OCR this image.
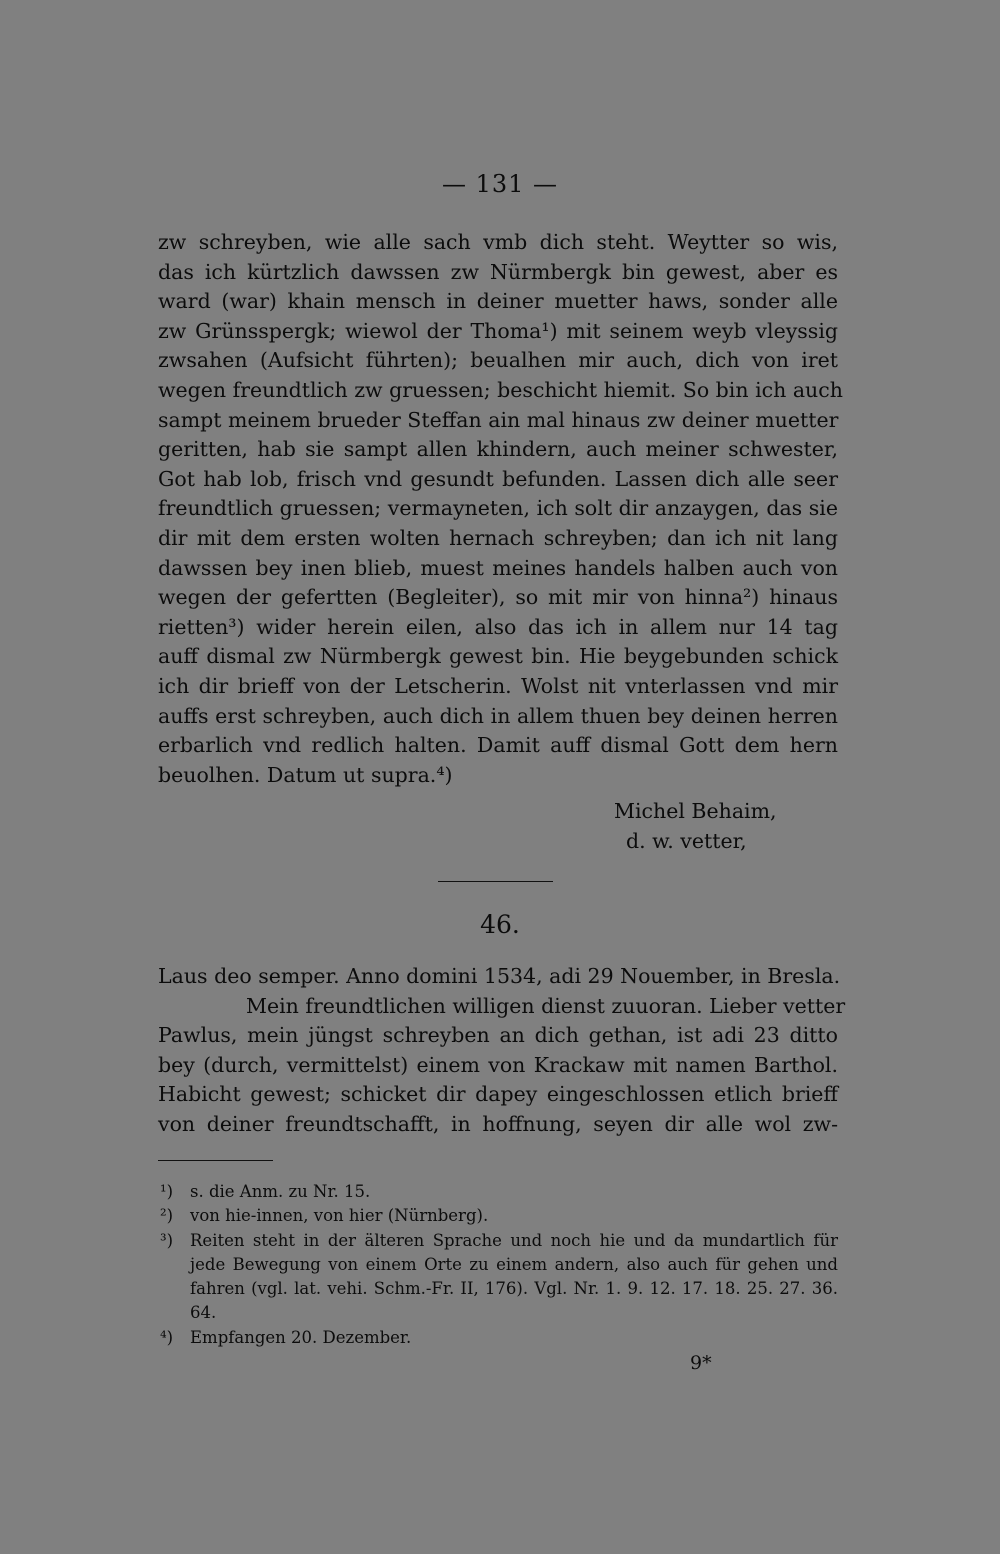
— 131 —
zw schreyben, wie alle sach vmb dich steht. Weytter so wis,
das ich kürtzlich dawssen zw Nürmbergk bin gewest, aber es
ward (war) khain mensch in deiner muetter haws, sonder alle
zw Grünsspergk; wiewol der Thoma¹) mit seinem weyb vleyssig
zwsahen (Aufsicht führten); beualhen mir auch, dich von iret
wegen freundtlich zw gruessen; beschicht hiemit. So bin ich auch
sampt meinem brueder Steffan ain mal hinaus zw deiner muetter
geritten, hab sie sampt allen khindern, auch meiner schwester,
Got hab lob, frisch vnd gesundt befunden. Lassen dich alle seer
freundtlich gruessen; vermayneten, ich solt dir anzaygen, das sie
dir mit dem ersten wolten hernach schreyben; dan ich nit lang
dawssen bey inen blieb, muest meines handels halben auch von
wegen der gefertten (Begleiter), so mit mir von hinna²) hinaus
rietten³) wider herein eilen, also das ich in allem nur 14 tag
auff dismal zw Nürmbergk gewest bin. Hie beygebunden schick
ich dir brieff von der Letscherin. Wolst nit vnterlassen vnd mir
auffs erst schreyben, auch dich in allem thuen bey deinen herren
erbarlich vnd redlich halten. Damit auff dismal Gott dem hern
beuolhen. Datum ut supra.⁴)
Michel Behaim,
d. w. vetter,
46.
Laus deo semper. Anno domini 1534, adi 29 Nouember, in Bresla.
Mein freundtlichen willigen dienst zuuoran. Lieber vetter
Pawlus, mein jüngst schreyben an dich gethan, ist adi 23 ditto
bey (durch, vermittelst) einem von Krackaw mit namen Barthol.
Habicht gewest; schicket dir dapey eingeschlossen etlich brieff
von deiner freundtschafft, in hoffnung, seyen dir alle wol zw-
¹) s. die Anm. zu Nr. 15.
²) von hie-innen, von hier (Nürnberg).
³) Reiten steht in der älteren Sprache und noch hie und da mundartlich für jede Bewegung von einem Orte zu einem andern, also auch für gehen und fahren (vgl. lat. vehi. Schm.-Fr. II, 176). Vgl. Nr. 1. 9. 12. 17. 18. 25. 27. 36. 64.
⁴) Empfangen 20. Dezember.
9*
